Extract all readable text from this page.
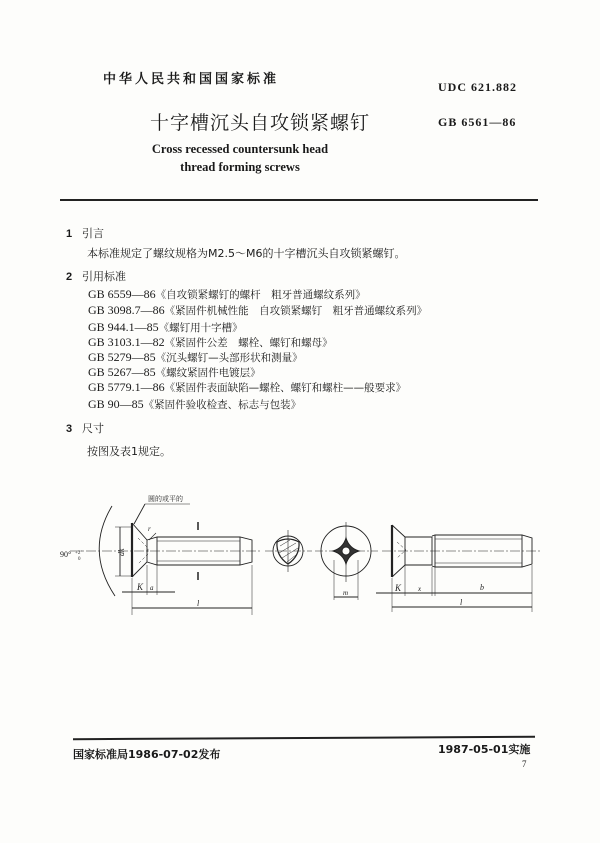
中华人民共和国国家标准	UDC 621.882
十字槽沉头自攻锁紧螺钉	GB 6561—86
Cross recessed countersunk head
thread forming screws
1 引言
本标准规定了螺纹规格为M2.5～M6的十字槽沉头自攻锁紧螺钉。
2 引用标准
GB 6559—86《自攻锁紧螺钉的螺杆　粗牙普通螺纹系列》
GB 3098.7—86《紧固件机械性能　自攻锁紧螺钉　粗牙普通螺纹系列》
GB 944.1—85《螺钉用十字槽》
GB 3103.1—82《紧固件公差　螺栓、螺钉和螺母》
GB 5279—85《沉头螺钉—头部形状和测量》
GB 5267—85《螺纹紧固件电镀层》
GB 5779.1—86《紧固件表面缺陷—螺栓、螺钉和螺柱——般要求》
GB 90—85《紧固件验收检查、标志与包装》
3 尺寸
按图及表1规定。
圆的或平的
90° +2°
0
dk
r
K a
l
m	K x	b
l
国家标准局1986-07-02发布	1987-05-01实施
7
